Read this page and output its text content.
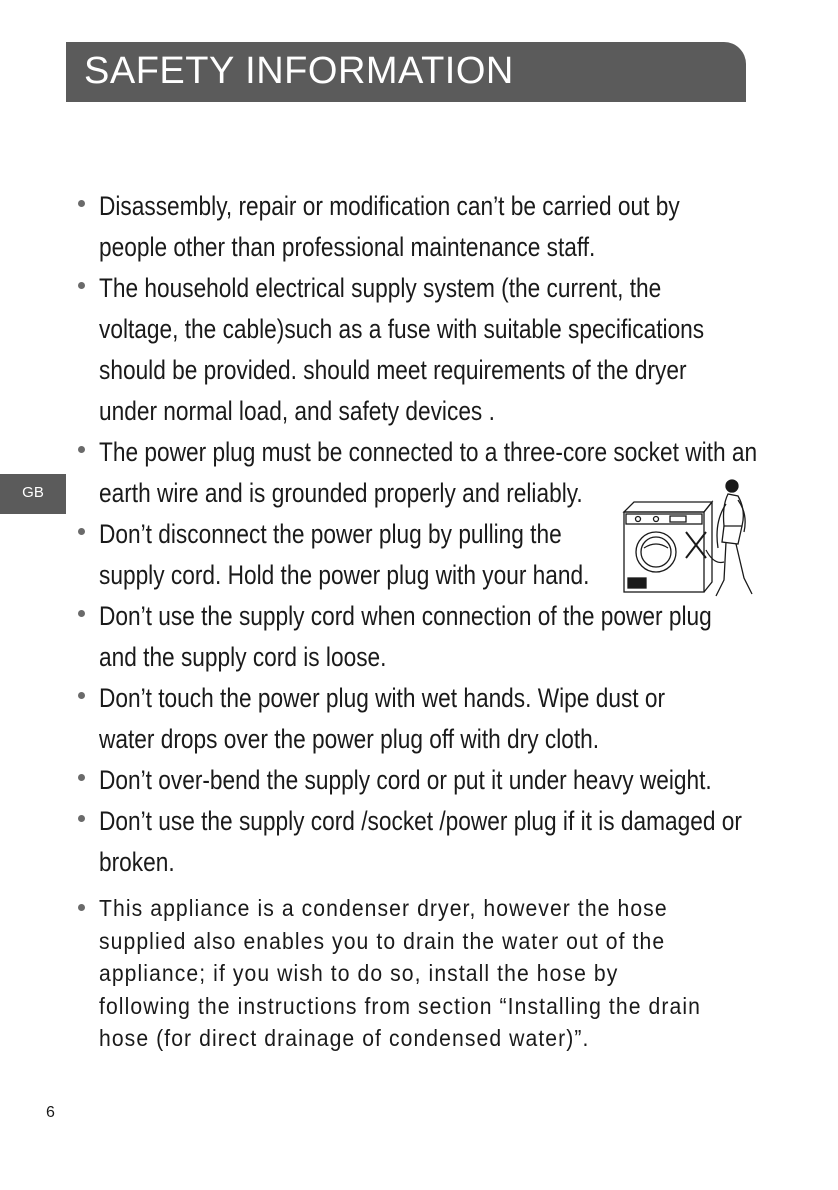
SAFETY INFORMATION
GB
Disassembly, repair or modification can’t be carried out by people other than professional maintenance staff.
The household electrical supply system (the current, the voltage, the cable)such as a fuse with suitable specifications should be provided. should meet requirements of the dryer under normal load, and safety devices .
The power plug must be connected to a three-core socket with an earth wire and is grounded properly and reliably.
Don’t disconnect the power plug by pulling the supply cord. Hold the power plug with your hand.
Don’t use the supply cord when connection of the power plug and the supply cord is loose.
Don’t touch the power plug with wet hands. Wipe dust or water drops over the power plug off with dry cloth.
Don’t over-bend the supply cord or put it under heavy weight.
Don’t use the supply cord /socket /power plug if it is damaged or broken.
This appliance is a condenser dryer, however the hose supplied also enables you to drain the water out of the appliance; if you wish to do so, install the hose by following the instructions from section “Installing the drain hose (for direct drainage of condensed water)”.
6
